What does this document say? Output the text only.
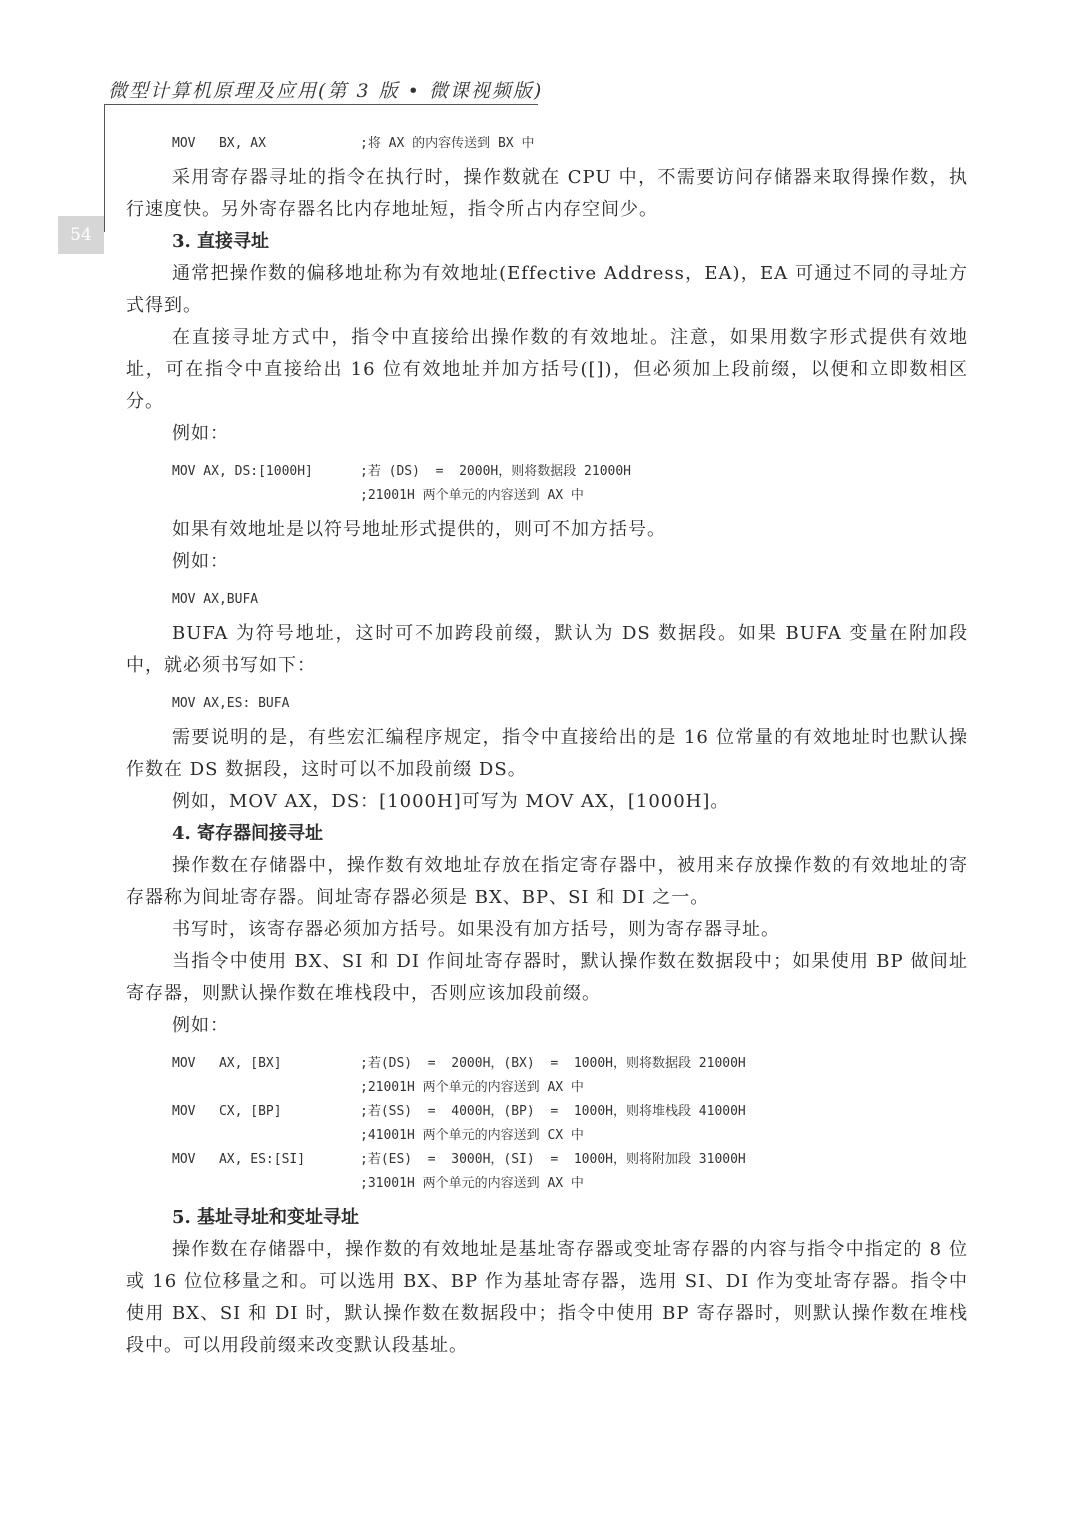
微型计算机原理及应用(第 3 版 • 微课视频版)
54
MOV   BX, AX	;将 AX 的内容传送到 BX 中

采用寄存器寻址的指令在执行时，操作数就在 CPU 中，不需要访问存储器来取得操作数，执行速度快。另外寄存器名比内存地址短，指令所占内存空间少。

3. 直接寻址

通常把操作数的偏移地址称为有效地址(Effective Address，EA)，EA 可通过不同的寻址方式得到。

在直接寻址方式中，指令中直接给出操作数的有效地址。注意，如果用数字形式提供有效地址，可在指令中直接给出 16 位有效地址并加方括号([])，但必须加上段前缀，以便和立即数相区分。

例如：

MOV AX, DS:[1000H]	;若 (DS)  =  2000H，则将数据段 21000H
;21001H 两个单元的内容送到 AX 中

如果有效地址是以符号地址形式提供的，则可不加方括号。

例如：

MOV AX,BUFA

BUFA 为符号地址，这时可不加跨段前缀，默认为 DS 数据段。如果 BUFA 变量在附加段中，就必须书写如下：

MOV AX,ES: BUFA

需要说明的是，有些宏汇编程序规定，指令中直接给出的是 16 位常量的有效地址时也默认操作数在 DS 数据段，这时可以不加段前缀 DS。

例如，MOV AX，DS：[1000H]可写为 MOV AX，[1000H]。

4. 寄存器间接寻址

操作数在存储器中，操作数有效地址存放在指定寄存器中，被用来存放操作数的有效地址的寄存器称为间址寄存器。间址寄存器必须是 BX、BP、SI 和 DI 之一。

书写时，该寄存器必须加方括号。如果没有加方括号，则为寄存器寻址。

当指令中使用 BX、SI 和 DI 作间址寄存器时，默认操作数在数据段中；如果使用 BP 做间址寄存器，则默认操作数在堆栈段中，否则应该加段前缀。

例如：

MOV   AX, [BX]	;若(DS)  =  2000H，(BX)  =  1000H，则将数据段 21000H
;21001H 两个单元的内容送到 AX 中
MOV   CX, [BP]	;若(SS)  =  4000H，(BP)  =  1000H，则将堆栈段 41000H
;41001H 两个单元的内容送到 CX 中
MOV   AX, ES:[SI]	;若(ES)  =  3000H，(SI)  =  1000H，则将附加段 31000H
;31001H 两个单元的内容送到 AX 中
5. 基址寻址和变址寻址

操作数在存储器中，操作数的有效地址是基址寄存器或变址寄存器的内容与指令中指定的 8 位或 16 位位移量之和。可以选用 BX、BP 作为基址寄存器，选用 SI、DI 作为变址寄存器。指令中使用 BX、SI 和 DI 时，默认操作数在数据段中；指令中使用 BP 寄存器时，则默认操作数在堆栈段中。可以用段前缀来改变默认段基址。
